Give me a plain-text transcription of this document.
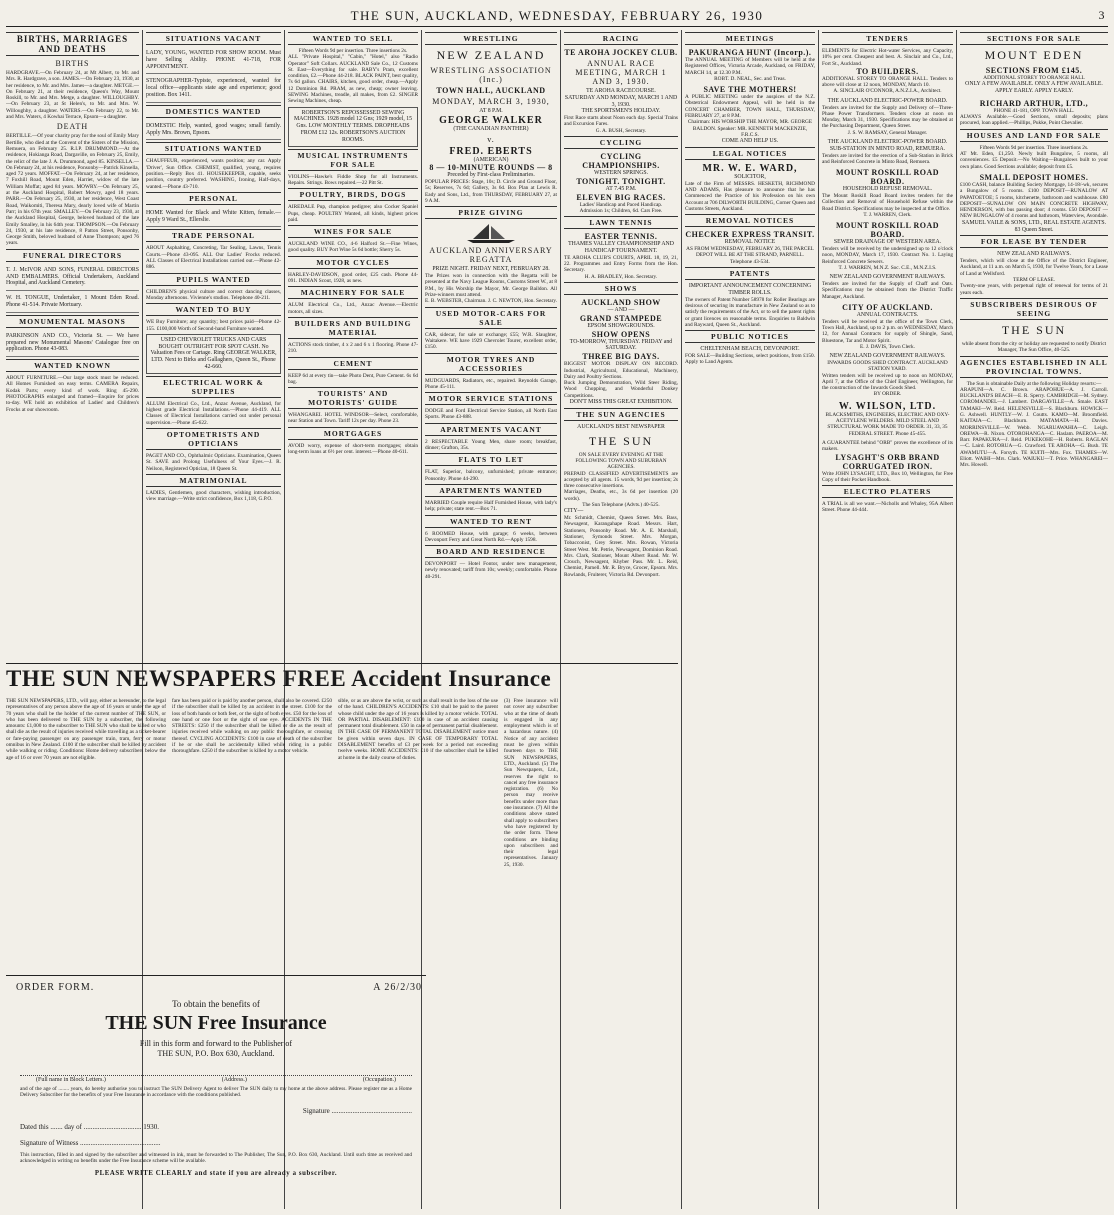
THE SUN, AUCKLAND, WEDNESDAY, FEBRUARY 26, 1930	3
BIRTHS, MARRIAGES AND DEATHS
BIRTHS
HARDGRAVE.—On February 24, at Mt Albert, to Mr. and Mrs. R. Hardgrave, a son. JAMES.—On February 23, 1930, at her residence, to Mr. and Mrs. James—a daughter. METGE.—On February 21, at their residence, Queen's Way, Mount Roskill, to Mr. and Mrs. Metge, a daughter. WILLOUGHBY.—On February 23, at St Helen's, to Mr. and Mrs. W. Willoughby, a daughter. WATERS.—On February 22, to Mr. and Mrs. Waters, 4 Kowhai Terrace, Epsom—a daughter.
DEATH
BERTILLE.—Of your charity pray for the soul of Emily Mary Bertille, who died at the Convent of the Sisters of the Mission, Remuera, on February 25. R.I.P. DRUMMOND.—At the residence, Hokianga Road, Dargaville, on February 25, Emily, the relict of the late J. A. Drummond, aged 85. KINSELLA.—On February 24, at his residence, Ponsonby—Patrick Kinsella, aged 72 years. MOFFAT.—On February 24, at her residence, 7 Foxhill Road, Mount Eden, Harriet, widow of the late William Moffat; aged 84 years. MOWRY.—On February 25, at the Auckland Hospital, Robert Mowry, aged 18 years. PARR.—On February 25, 1930, at her residence, West Coast Road, Waikomiti, Theresa Mary, dearly loved wife of Martin Parr; in his 67th year. SMALLEY.—On February 23, 1930, at the Auckland Hospital, George, beloved husband of the late Emily Smalley, in his 64th year. THOMPSON.—On February 24, 1930, at his late residence, 8 Patton Street, Ponsonby, George Smith, beloved husband of Anne Thompson; aged 76 years.
FUNERAL DIRECTORS
T. J. McIVOR AND SONS, FUNERAL DIRECTORS AND EMBALMERS. Official Undertakers, Auckland Hospital, and Auckland Cemetery.
W. H. TONGUE, Undertaker, 1 Mount Eden Road. Phone 41-514. Private Mortuary.
MONUMENTAL MASONS
PARKINSON AND CO., Victoria St. — We have prepared new Monumental Masons' Catalogue free on application. Phone 43-083.
WANTED KNOWN
ABOUT FURNITURE.—Our large stock must be reduced. All Homes Furnished on easy terms. CAMERA Repairs, Kodak Parts; every kind of work. Ring 45-290. PHOTOGRAPHS enlarged and framed—Enquire for prices to-day. WE hold an exhibition of Ladies' and Children's Frocks at our showroom.
SITUATIONS VACANT
LADY, YOUNG, WANTED FOR SHOW ROOM. Must have Selling Ability. PHONE 41-718, FOR APPOINTMENT.
STENOGRAPHER-Typiste, experienced, wanted for local office—applicants state age and experience; good position. Box 1411.
DOMESTICS WANTED
DOMESTIC Help, wanted, good wages; small family. Apply Mrs. Brown, Epsom.
SITUATIONS WANTED
CHAUFFEUR, experienced, wants position; any car. Apply 'Driver', Sun Office. CHEMIST, qualified, young, requires position.—Reply Box 41. HOUSEKEEPER, capable, seeks position, country preferred. WASHING, Ironing, Half-days, wanted.—Phone 43-710.
PERSONAL
HOME Wanted for Black and White Kitten, female.—Apply 9 Ward St., Ellerslie.
TRADE PERSONAL
ABOUT Asphalting, Concreting, Tar Sealing, Lawns, Tennis Courts.—Phone 43-095. ALL Our Ladies' Frocks reduced. ALL Classes of Electrical Installations carried out.—Phone 42-886.
PUPILS WANTED
CHILDREN'S physical culture and correct dancing classes, Monday afternoons. Vivienne's studios. Telephone 40-211.
WANTED TO BUY
WE Buy Furniture; any quantity; best prices paid—Phone 42-155. £100,000 Worth of Second-hand Furniture wanted.
USED CHEVROLET TRUCKS AND CARS BOUGHT OUTRIGHT FOR SPOT CASH. No Valuation Fees or Cartage. Ring GEORGE WALKER, LTD. Next to Birks and Gallaghers, Queen St., Phone 42-660.
ELECTRICAL WORK & SUPPLIES
ALLUM Electrical Co., Ltd., Anzac Avenue, Auckland, for highest grade Electrical Installations.—Phone 44-419. ALL Classes of Electrical Installations carried out under personal supervision.—Phone 45-622.
OPTOMETRISTS AND OPTICIANS
PAGET AND CO., Ophthalmic Opticians. Examination, Queen St. SAVE and Prolong Usefulness of Your Eyes.—J. R. Neilson, Registered Optician, 18 Queen St.
MATRIMONIAL
LADIES, Gentlemen, good characters, wishing introduction, view marriage.—Write strict confidence, Box 1,118, G.P.O.
WANTED TO SELL
Fifteen Words 9d per insertion. Three insertions 2s.
ALL "Private Hospital," "Cabin," "Hotel," also "Radio Operator" Soft Collars. AUCKLAND Sale Co., 12 Customs St. East—Everything for sale. BABY's Pram, excellent condition, £2.—Phone 44-218. BLACK PAINT, best quality, 7s 6d gallon. CHAIRS, kitchen, good order, cheap.—Apply 12 Dominion Rd. PRAM, as new, cheap; owner leaving. SEWING Machines, treadle, all makes, from £2. SINGER Sewing Machines, cheap.
ROBERTSON'S REPOSSESSED SEWING MACHINES. 1928 model 12 Gns; 1929 model, 15 Gns. LOW MONTHLY TERMS. DROPHEADS FROM £12 12s. ROBERTSON'S AUCTION ROOMS.
MUSICAL INSTRUMENTS FOR SALE
VIOLINS—Hawke's Fiddle Shop for all Instruments. Repairs. Strings. Bows repaired.—22 Pitt St.
POULTRY, BIRDS, DOGS
AIREDALE Pup, champion pedigree; also Cocker Spaniel Pups, cheap. POULTRY Wanted, all kinds, highest prices paid.
WINES FOR SALE
AUCKLAND WINE CO., 4-6 Halford St.—Fine Wines, good quality. BUY Port Wine 5s 6d bottle; Sherry 5s.
MOTOR CYCLES
HARLEY-DAVIDSON, good order, £25 cash. Phone 44-091. INDIAN Scout, 1928, as new.
MACHINERY FOR SALE
ALUM Electrical Co., Ltd., Anzac Avenue.—Electric motors, all sizes.
BUILDERS AND BUILDING MATERIAL
ACTIONS stock timber, 4 x 2 and 6 x 1 flooring. Phone 47-210.
CEMENT
KEEP 6d at every tin—take Photo Dent, Pure Cement. 6s 6d bag.
TOURISTS' AND MOTORISTS' GUIDE
WHANGAREI. HOTEL WINDSOR—Select, comfortable, near Station and Town. Tariff 12s per day. Phone 23.
MORTGAGES
AVOID worry, expense of short-term mortgages; obtain long-term loans at 6½ per cent. interest.—Phone 40-611.
WRESTLING
NEW ZEALAND
WRESTLING ASSOCIATION (Inc.)
TOWN HALL, AUCKLAND
MONDAY, MARCH 3, 1930,
AT 8 P.M.
GEORGE WALKER
(THE CANADIAN PANTHER)
v.
FRED. EBERTS
(AMERICAN)
8 — 10-MINUTE ROUNDS — 8
Preceded by First-class Preliminaries.
POPULAR PRICES: Stage, 10s; D. Circle and Ground Floor, 5s; Reserves, 7s 6d; Gallery, 3s 6d. Box Plan at Lewis R. Eady and Sons, Ltd., from THURSDAY, FEBRUARY 27, at 9 A.M.
PRIZE GIVING
AUCKLAND ANNIVERSARY REGATTA
PRIZE NIGHT. FRIDAY NEXT, FEBRUARY 28.
The Prizes won in connection with the Regatta will be presented at the Navy League Rooms, Customs Street W., at 8 P.M., by His Worship the Mayor, Mr. George Baildon. All Prize-winners must attend.
E. B. WEBSTER, Chairman. J. C. NEWTON, Hon. Secretary.
USED MOTOR-CARS FOR SALE
CAR, sidecar, for sale or exchange; £55; W.R. Slaughter, Waitakere. WE have 1929 Chevrolet Tourer, excellent order, £150.
MOTOR TYRES AND ACCESSORIES
MUDGUARDS, Radiators, etc., repaired. Reynolds Garage, Phone 45-111.
MOTOR SERVICE STATIONS
DODGE and Ford Electrical Service Station, all North East Sports. Phone 43-888.
APARTMENTS VACANT
2 RESPECTABLE Young Men, share room; breakfast, dinner; Grafton, 35s.
FLATS TO LET
FLAT, Superior, balcony, unfurnished; private entrance; Ponsonby. Phone 44-290.
APARTMENTS WANTED
MARRIED Couple require Half Furnished House, with lady's help; private; state rent.—Box 71.
WANTED TO RENT
6 ROOMED House, with garage; 6 weeks, between Devonport Ferry and Great North Rd.—Apply 1598.
BOARD AND RESIDENCE
DEVONPORT — Hotel Fontor, under new management, newly renovated; tariff from 10s; weekly; comfortable. Phone 40-291.
RACING
TE AROHA JOCKEY CLUB.
ANNUAL RACE MEETING, MARCH 1 AND 3, 1930.
TE AROHA RACECOURSE.
SATURDAY AND MONDAY, MARCH 1 AND 3, 1930.
THE SPORTSMEN'S HOLIDAY.
First Race starts about Noon each day. Special Trains and Excursion Fares.
G. A. BUSH, Secretary.
CYCLING
CYCLING CHAMPIONSHIPS.
WESTERN SPRINGS.
TONIGHT. TONIGHT.
AT 7.45 P.M.
ELEVEN BIG RACES.
Ladies' Handicap and Paced Handicap.
Admission 1s; Children, 6d. Cars Free.
LAWN TENNIS
EASTER TENNIS.
THAMES VALLEY CHAMPIONSHIP AND HANDICAP TOURNAMENT.
TE AROHA CLUB'S COURTS, APRIL 18, 19, 21, 22. Programmes and Entry Forms from the Hon. Secretary.
H. A. BRADLEY, Hon. Secretary.
SHOWS
AUCKLAND SHOW
— AND —
GRAND STAMPEDE
EPSOM SHOWGROUNDS.
SHOW OPENS
TO-MORROW, THURSDAY. FRIDAY and SATURDAY.
THREE BIG DAYS.
BIGGEST MOTOR DISPLAY ON RECORD. Industrial, Agricultural, Educational, Machinery, Dairy and Poultry Sections.
Buck Jumping Demonstration, Wild Steer Riding, Wood Chopping, and Wonderful Donkey Competitions.
DON'T MISS THIS GREAT EXHIBITION.
THE SUN AGENCIES
AUCKLAND'S BEST NEWSPAPER
THE SUN
ON SALE EVERY EVENING AT THE FOLLOWING TOWN AND SUBURBAN AGENCIES.
PREPAID CLASSIFIED ADVERTISEMENTS are accepted by all agents. 15 words, 9d per insertion; 2s three consecutive insertions.
Marriages, Deaths, etc., 3s 6d per insertion (20 words).
The Sun Telephone (Advts.) 40-525.
CITY—
Mr. Schmidt, Chemist, Queen Street. Mrs. Bass, Newsagent, Karangahape Road. Messrs. Hart, Stationers, Ponsonby Road. Mr. A. E. Marshall, Stationer, Symonds Street. Mrs. Morgan, Tobacconist, Grey Street. Mrs. Rowan, Victoria Street West. Mr. Petrie, Newsagent, Dominion Road. Mrs. Clark, Stationer, Mount Albert Road. Mr. W. Crouch, Newsagent, Khyber Pass. Mr. L. Reid, Chemist, Parnell. Mr. R. Bryce, Grocer, Epsom. Mrs. Rowlands, Fruiterer, Victoria Rd. Devonport.
MEETINGS
PAKURANGA HUNT (Incorp.).
The ANNUAL MEETING of Members will be held at the Registered Offices, Victoria Arcade, Auckland, on FRIDAY, MARCH 14, at 12.30 P.M.
ROBT. D. NEAL, Sec. and Treas.
SAVE THE MOTHERS!
A PUBLIC MEETING under the auspices of the N.Z. Obstetrical Endowment Appeal, will be held in the CONCERT CHAMBER, TOWN HALL, THURSDAY, FEBRUARY 27, at 8 P.M.
Chairman: HIS WORSHIP THE MAYOR, MR. GEORGE BALDON. Speaker: MR. KENNETH MACKENZIE, F.R.C.S.
COME AND HELP US.
LEGAL NOTICES
MR. W. E. WARD,
SOLICITOR,
Late of the Firm of MESSRS. HESKETH, RICHMOND AND ADAMS, Has pleasure to announce that he has Commenced the Practice of his Profession on his own Account at 706 DILWORTH BUILDING, Corner Queen and Customs Streets, Auckland.
REMOVAL NOTICES
CHECKER EXPRESS TRANSIT.
REMOVAL NOTICE
AS FROM WEDNESDAY, FEBRUARY 26, THE PARCEL DEPOT WILL BE AT THE STRAND, PARNELL.
Telephone 43-534.
PATENTS
IMPORTANT ANNOUNCEMENT CONCERNING TIMBER ROLLS.
The owners of Patent Number 58978 for Roller Bearings are desirous of securing its manufacture in New Zealand so as to satisfy the requirements of the Act, or to sell the patent rights or grant licences on reasonable terms. Enquiries to Baldwin and Rayward, Queen St., Auckland.
PUBLIC NOTICES
CHELTENHAM BEACH, DEVONPORT.
FOR SALE—Building Sections, select positions, from £150. Apply to Land Agents.
TENDERS
ELEMENTS for Electric Hot-water Services, any Capacity, 10% per cent. Cheapest and best. A. Sinclair and Co., Ltd., Fort St., Auckland.
TO BUILDERS.
ADDITIONAL STOREY TO ORANGE HALL. Tenders to above will close at 12 noon, MONDAY, March 10.
A. SINCLAIR O'CONNOR, A.N.Z.I.A., Architect.
THE AUCKLAND ELECTRIC-POWER BOARD.
Tenders are invited for the Supply and Delivery of—Three-Phase Power Transformers. Tenders close at noon on Monday, March 31, 1930. Specifications may be obtained at the Purchasing Department, Queen Street.
J. S. W. RAMSAY, General Manager.
THE AUCKLAND ELECTRIC-POWER BOARD. SUB-STATION IN MINTO ROAD, REMUERA.
Tenders are invited for the erection of a Sub-Station in Brick and Reinforced Concrete in Minto Road, Remuera.
MOUNT ROSKILL ROAD BOARD.
HOUSEHOLD REFUSE REMOVAL.
The Mount Roskill Road Board invites tenders for the Collection and Removal of Household Refuse within the Road District. Specifications may be inspected at the Office.
T. J. WARREN, Clerk.
MOUNT ROSKILL ROAD BOARD.
SEWER DRAINAGE OF WESTERN AREA.
Tenders will be received by the undersigned up to 12 o'clock noon, MONDAY, March 17, 1930. Contract No. 1. Laying Reinforced Concrete Sewers.
T. J. WARREN, M.N.Z. Soc. C.E., M.N.Z.I.S.
NEW ZEALAND GOVERNMENT RAILWAYS.
Tenders are invited for the Supply of Chaff and Oats. Specifications may be obtained from the District Traffic Manager, Auckland.
CITY OF AUCKLAND.
ANNUAL CONTRACTS.
Tenders will be received at the office of the Town Clerk, Town Hall, Auckland, up to 2 p.m. on WEDNESDAY, March 12, for Annual Contracts for supply of Shingle, Sand, Bluestone, Tar and Motor Spirit.
E. J. DAVIS, Town Clerk.
NEW ZEALAND GOVERNMENT RAILWAYS.
INWARDS GOODS SHED CONTRACT. AUCKLAND STATION YARD.
Written tenders will be received up to noon on MONDAY, April 7, at the Office of the Chief Engineer, Wellington, for the construction of the Inwards Goods Shed.
BY ORDER.
W. WILSON, LTD.
BLACKSMITHS, ENGINEERS, ELECTRIC AND OXY-ACETYLENE WELDERS. MILD STEEL AND STRUCTURAL WORK MADE TO ORDER. 31, 33, 35 FEDERAL STREET. Phone 45-455.
A GUARANTEE behind "ORB" proves the excellence of its makers.
LYSAGHT'S ORB BRAND CORRUGATED IRON.
Write JOHN LYSAGHT, LTD., Box 10, Wellington, for Free Copy of their Pocket Handbook.
ELECTRO PLATERS
A TRIAL is all we want.—Nicholls and Whaley, 95A Albert Street. Phone 44-444.
SECTIONS FOR SALE
MOUNT EDEN
SECTIONS FROM £145.
ADDITIONAL STOREY TO ORANGE HALL
ONLY A FEW AVAILABLE. ONLY A FEW AVAILABLE.
APPLY EARLY. APPLY EARLY.
RICHARD ARTHUR, LTD.,
PHONE 41-181, OPP. TOWN HALL.
ALWAYS Available.—Good Sections, small deposits; plans procured, loan applied.—Phillips, Pukke, Point Chevalier.
HOUSES AND LAND FOR SALE
Fifteen Words 9d per insertion. Three insertions 2s.
AT Mt. Eden, £1,250. Newly built Bungalow, 5 rooms, all conveniences. £5 Deposit.—No Waiting—Bungalows built to your own plans. Good Sections available; deposit from £5.
SMALL DEPOSIT HOMES.
£100 CASH, balance Building Society Mortgage, 14-18/-wk, secures a Bungalow of 5 rooms. £100 DEPOSIT—RUNALOW AT PAPATOETOE; 5 rooms, kitchenette, bathroom and washhouse. £80 DEPOSIT—SUNALOW ON MAIN CONCRETE HIGHWAY, HENDERSON, with bus passing door; 4 rooms. £50 DEPOSIT — NEW BUNGALOW of 4 rooms and bathroom, Waterview, Avondale.
SAMUEL VAILE & SONS, LTD., REAL ESTATE AGENTS. 83 Queen Street.
FOR LEASE BY TENDER
NEW ZEALAND RAILWAYS.
Tenders, which will close at the Office of the District Engineer, Auckland, at 11 a.m. on March 5, 1930, for Twelve Years, for a Lease of Land at Wellsford.
TERM OF LEASE.
Twenty-one years, with perpetual right of renewal for terms of 21 years each.
SUBSCRIBERS DESIROUS OF SEEING
THE SUN
while absent from the city or holiday are requested to notify District Manager, The Sun Office, 40-525.
AGENCIES ESTABLISHED IN ALL PROVINCIAL TOWNS.
The Sun is obtainable Daily at the following Holiday resorts:—
ARAPUNI—A. C. Brown. ARAPOHUE—A. J. Carroll. BUCKLAND'S BEACH—E. R. Sperry. CAMBRIDGE—M. Sydney. COROMANDEL—J. Lambert. DARGAVILLE—A. Smale. EAST TAMAKI—W. Reid. HELENSVILLE—S. Blackburn. HOWICK—G. Ashwell. HUNTLY—W. J. Coutts. KAMO—M. Broomfield. KAITAIA—C. Blackburn. MATAMATA—H. Davies. MORRINSVILLE—W. Webb. NGARUAWAHIA—C. Leigh. OREWA—R. Nixon. OTOROHANGA—C. Haslam. PAEROA—M. Barr. PAPAKURA—J. Reid. PUKEKOHE—H. Roberts. RAGLAN—C. Laird. ROTORUA—G. Crawford. TE AROHA—G. Bush. TE AWAMUTU—A. Forsyth. TE KUITI—Mrs. Fox. THAMES—W. Eliott. WAIHI—Mrs. Clark. WAIUKU—T. Price. WHANGAREI—Mrs. Howell.
THE SUN NEWSPAPERS FREE Accident Insurance
THE SUN NEWSPAPERS, LTD., will pay, either as hereunder, to the legal representatives of any person above the age of 16 years or under the age of 70 years who shall be the holder of the current number of THE SUN, or who has been delivered to THE SUN by a subscriber, the following amounts: £1,000 to the subscriber to THE SUN who shall be killed or who shall die as the result of injuries received while travelling as a ticket-bearer or fare-paying passenger on any passenger train, tram, ferry or motor omnibus in New Zealand. £100 if the subscriber shall be killed by accident while walking or riding. Conditions: Home delivery subscribers below the age of 16 or over 70 years are not eligible.
fare has been paid or is paid by another person, shall also be covered. £250 if the subscriber shall be killed by an accident in the street. £100 for the loss of both hands or both feet, or the sight of both eyes. £50 for the loss of one hand or one foot or the sight of one eye. ACCIDENTS IN THE STREETS: £250 if the subscriber shall be killed or die as the result of injuries received while walking on any public thoroughfare, or crossing thereof. CYCLING ACCIDENTS: £100 in case of death of the subscriber if he or she shall be accidentally killed while riding in a public thoroughfare. £250 if the subscriber is killed by a motor vehicle.
sible, or as are above the wrist, or such as shall result in the loss of the use of the hand. CHILDREN'S ACCIDENTS: £10 shall be paid to the parent whose child under the age of 16 years is killed by a motor vehicle. TOTAL OR PARTIAL DISABLEMENT: £100 in case of an accident causing permanent total disablement. £50 in case of permanent partial disablement. IN THE CASE OF PERMANENT TOTAL DISABLEMENT notice must be given within seven days. IN CASE OF TEMPORARY TOTAL DISABLEMENT benefits of £3 per week for a period not exceeding twelve weeks. HOME ACCIDENTS: £10 if the subscriber shall be killed at home in the daily course of duties.
(3) Free insurance will not cover any subscriber who at the time of death is engaged in any employment which is of a hazardous nature. (4) Notice of any accident must be given within fourteen days to THE SUN NEWSPAPERS, LTD., Auckland. (5) The Sun Newspapers, Ltd., reserves the right to cancel any free insurance registration. (6) No person may receive benefits under more than one insurance. (7) All the conditions above stated shall apply to subscribers who have registered by the order form. These conditions are binding upon subscribers and their legal representatives. January 25, 1930.
ORDER FORM.	A 26/2/30
To obtain the benefits of
THE SUN Free Insurance
Fill in this form and forward to the Publisher of
THE SUN, P.O. Box 630, Auckland.
(Full name in Block Letters.)	(Address.)	(Occupation.)
and of the age of ........ years, do hereby authorise you to instruct The SUN Delivery Agent to deliver The SUN daily to my home at the above address. Please register me as a Home Delivery Subscriber for the benefits of your Free Insurance in accordance with the conditions published.
Signature ..............................................
Dated this ....... day of ................................. 1930.
Signature of Witness ..............................................
This instruction, filled in and signed by the subscriber and witnessed in ink, must be forwarded to The Publisher, The Sun, P.O. Box 630, Auckland. Until such time as received and acknowledged in writing no benefits under the Free Insurance scheme will be available.
PLEASE WRITE CLEARLY and state if you are already a subscriber.
